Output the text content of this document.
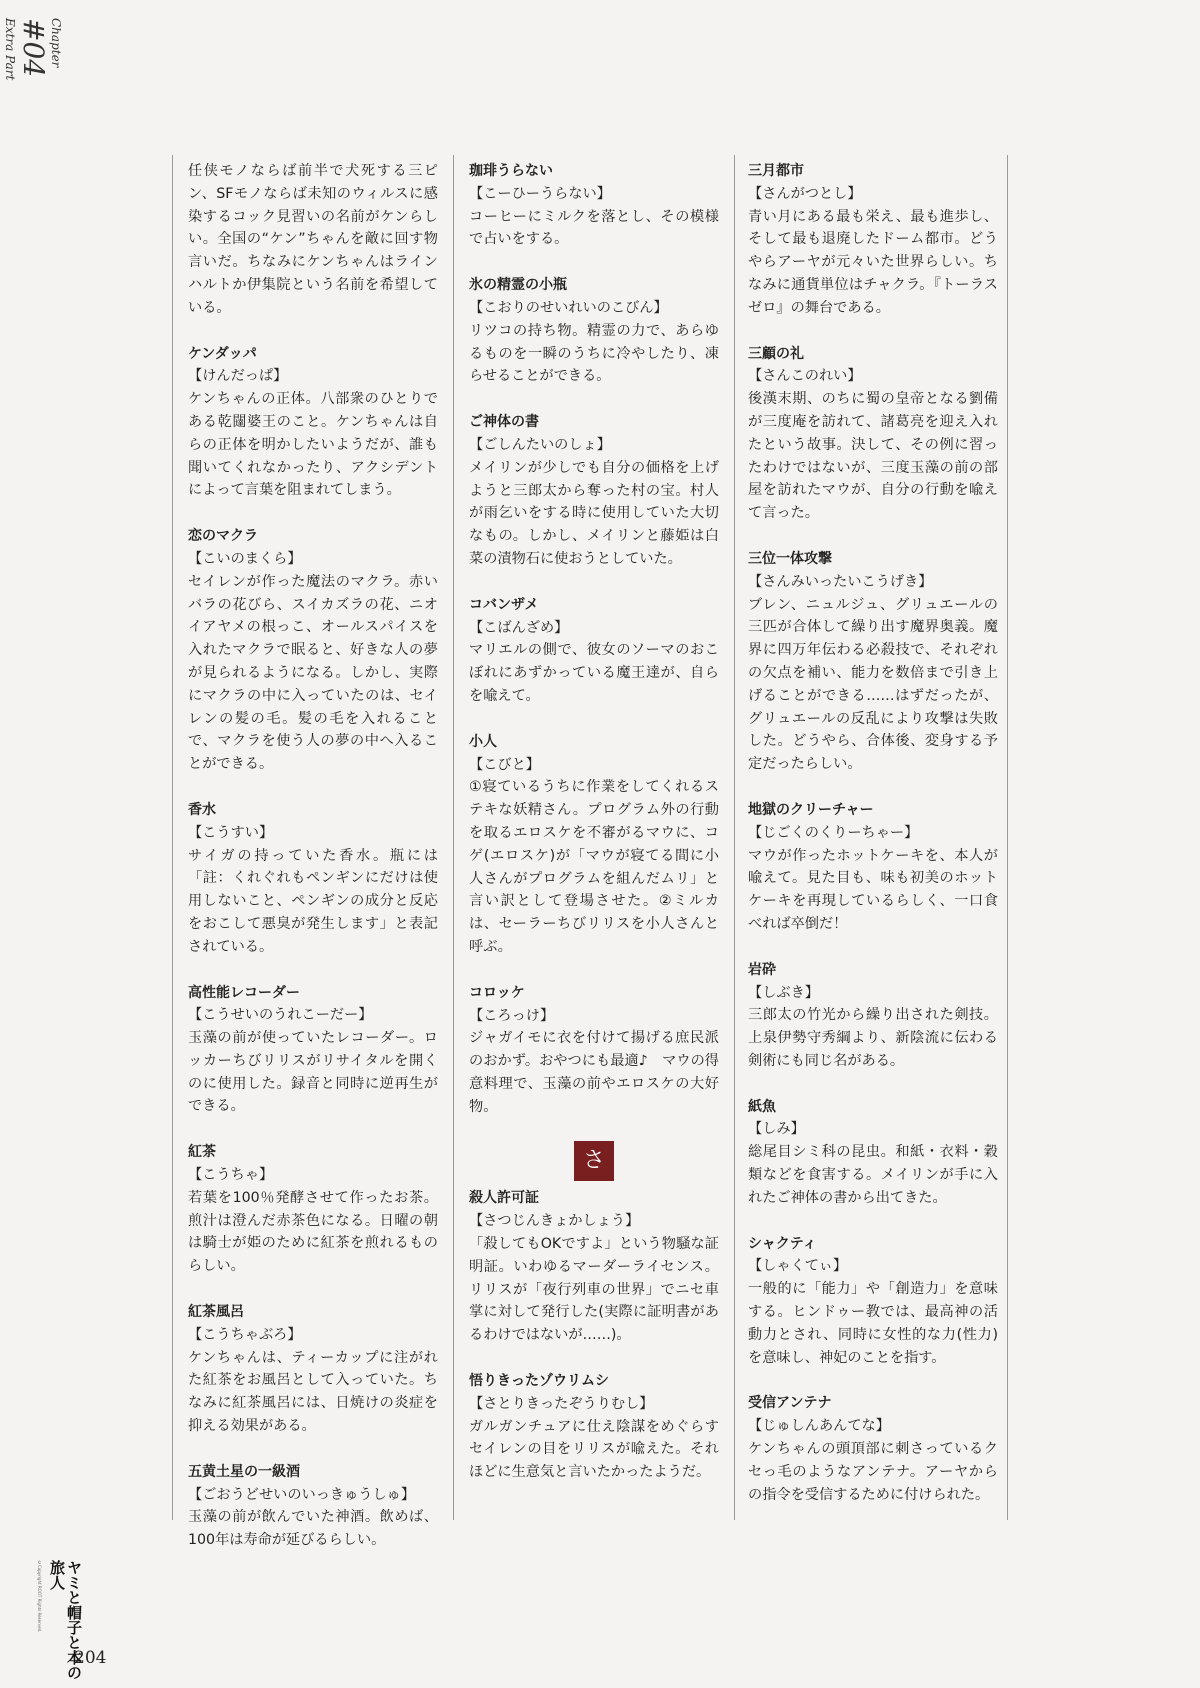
Chapter
#04
Extra Part
任侠モノならば前半で犬死する三ピン、SFモノならば未知のウィルスに感染するコック見習いの名前がケンらしい。全国の“ケン”ちゃんを敵に回す物言いだ。ちなみにケンちゃんはラインハルトか伊集院という名前を希望している。
ケンダッパ
【けんだっぱ】
ケンちゃんの正体。八部衆のひとりである乾闥婆王のこと。ケンちゃんは自らの正体を明かしたいようだが、誰も聞いてくれなかったり、アクシデントによって言葉を阻まれてしまう。
恋のマクラ
【こいのまくら】
セイレンが作った魔法のマクラ。赤いバラの花びら、スイカズラの花、ニオイアヤメの根っこ、オールスパイスを入れたマクラで眠ると、好きな人の夢が見られるようになる。しかし、実際にマクラの中に入っていたのは、セイレンの髪の毛。髪の毛を入れることで、マクラを使う人の夢の中へ入ることができる。
香水
【こうすい】
サイガの持っていた香水。瓶には「註：くれぐれもペンギンにだけは使用しないこと、ペンギンの成分と反応をおこして悪臭が発生します」と表記されている。
高性能レコーダー
【こうせいのうれこーだー】
玉藻の前が使っていたレコーダー。ロッカーちびリリスがリサイタルを開くのに使用した。録音と同時に逆再生ができる。
紅茶
【こうちゃ】
若葉を100％発酵させて作ったお茶。煎汁は澄んだ赤茶色になる。日曜の朝は騎士が姫のために紅茶を煎れるものらしい。
紅茶風呂
【こうちゃぶろ】
ケンちゃんは、ティーカップに注がれた紅茶をお風呂として入っていた。ちなみに紅茶風呂には、日焼けの炎症を抑える効果がある。
五黄土星の一級酒
【ごおうどせいのいっきゅうしゅ】
玉藻の前が飲んでいた神酒。飲めば、100年は寿命が延びるらしい。
珈琲うらない
【こーひーうらない】
コーヒーにミルクを落とし、その模様で占いをする。
氷の精霊の小瓶
【こおりのせいれいのこびん】
リツコの持ち物。精霊の力で、あらゆるものを一瞬のうちに冷やしたり、凍らせることができる。
ご神体の書
【ごしんたいのしょ】
メイリンが少しでも自分の価格を上げようと三郎太から奪った村の宝。村人が雨乞いをする時に使用していた大切なもの。しかし、メイリンと藤姫は白菜の漬物石に使おうとしていた。
コバンザメ
【こばんざめ】
マリエルの側で、彼女のソーマのおこぼれにあずかっている魔王達が、自らを喩えて。
小人
【こびと】
①寝ているうちに作業をしてくれるステキな妖精さん。プログラム外の行動を取るエロスケを不審がるマウに、コゲ(エロスケ)が「マウが寝てる間に小人さんがプログラムを組んだムリ」と言い訳として登場させた。②ミルカは、セーラーちびリリスを小人さんと呼ぶ。
コロッケ
【ころっけ】
ジャガイモに衣を付けて揚げる庶民派のおかず。おやつにも最適♪　マウの得意料理で、玉藻の前やエロスケの大好物。
さ
殺人許可証
【さつじんきょかしょう】
「殺してもOKですよ」という物騒な証明証。いわゆるマーダーライセンス。リリスが「夜行列車の世界」でニセ車掌に対して発行した(実際に証明書があるわけではないが……)。
悟りきったゾウリムシ
【さとりきったぞうりむし】
ガルガンチュアに仕え陰謀をめぐらすセイレンの目をリリスが喩えた。それほどに生意気と言いたかったようだ。
三月都市
【さんがつとし】
青い月にある最も栄え、最も進歩し、そして最も退廃したドーム都市。どうやらアーヤが元々いた世界らしい。ちなみに通貨単位はチャクラ。『トーラスゼロ』の舞台である。
三顧の礼
【さんこのれい】
後漢末期、のちに蜀の皇帝となる劉備が三度庵を訪れて、諸葛亮を迎え入れたという故事。決して、その例に習ったわけではないが、三度玉藻の前の部屋を訪れたマウが、自分の行動を喩えて言った。
三位一体攻撃
【さんみいったいこうげき】
ブレン、ニュルジュ、グリュエールの三匹が合体して繰り出す魔界奥義。魔界に四万年伝わる必殺技で、それぞれの欠点を補い、能力を数倍まで引き上げることができる……はずだったが、グリュエールの反乱により攻撃は失敗した。どうやら、合体後、変身する予定だったらしい。
地獄のクリーチャー
【じごくのくりーちゃー】
マウが作ったホットケーキを、本人が喩えて。見た目も、味も初美のホットケーキを再現しているらしく、一口食べれば卒倒だ！
岩砕
【しぶき】
三郎太の竹光から繰り出された剣技。上泉伊勢守秀綱より、新陰流に伝わる剣術にも同じ名がある。
紙魚
【しみ】
総尾目シミ科の昆虫。和紙・衣料・穀類などを食害する。メイリンが手に入れたご神体の書から出てきた。
シャクティ
【しゃくてぃ】
一般的に「能力」や「創造力」を意味する。ヒンドゥー教では、最高神の活動力とされ、同時に女性的な力(性力)を意味し、神妃のことを指す。
受信アンテナ
【じゅしんあんてな】
ケンちゃんの頭頂部に刺さっているクセっ毛のようなアンテナ。アーヤからの指令を受信するために付けられた。
©Copyright ROOT Rights Reserved.	ヤミと帽子と本の旅人
204
